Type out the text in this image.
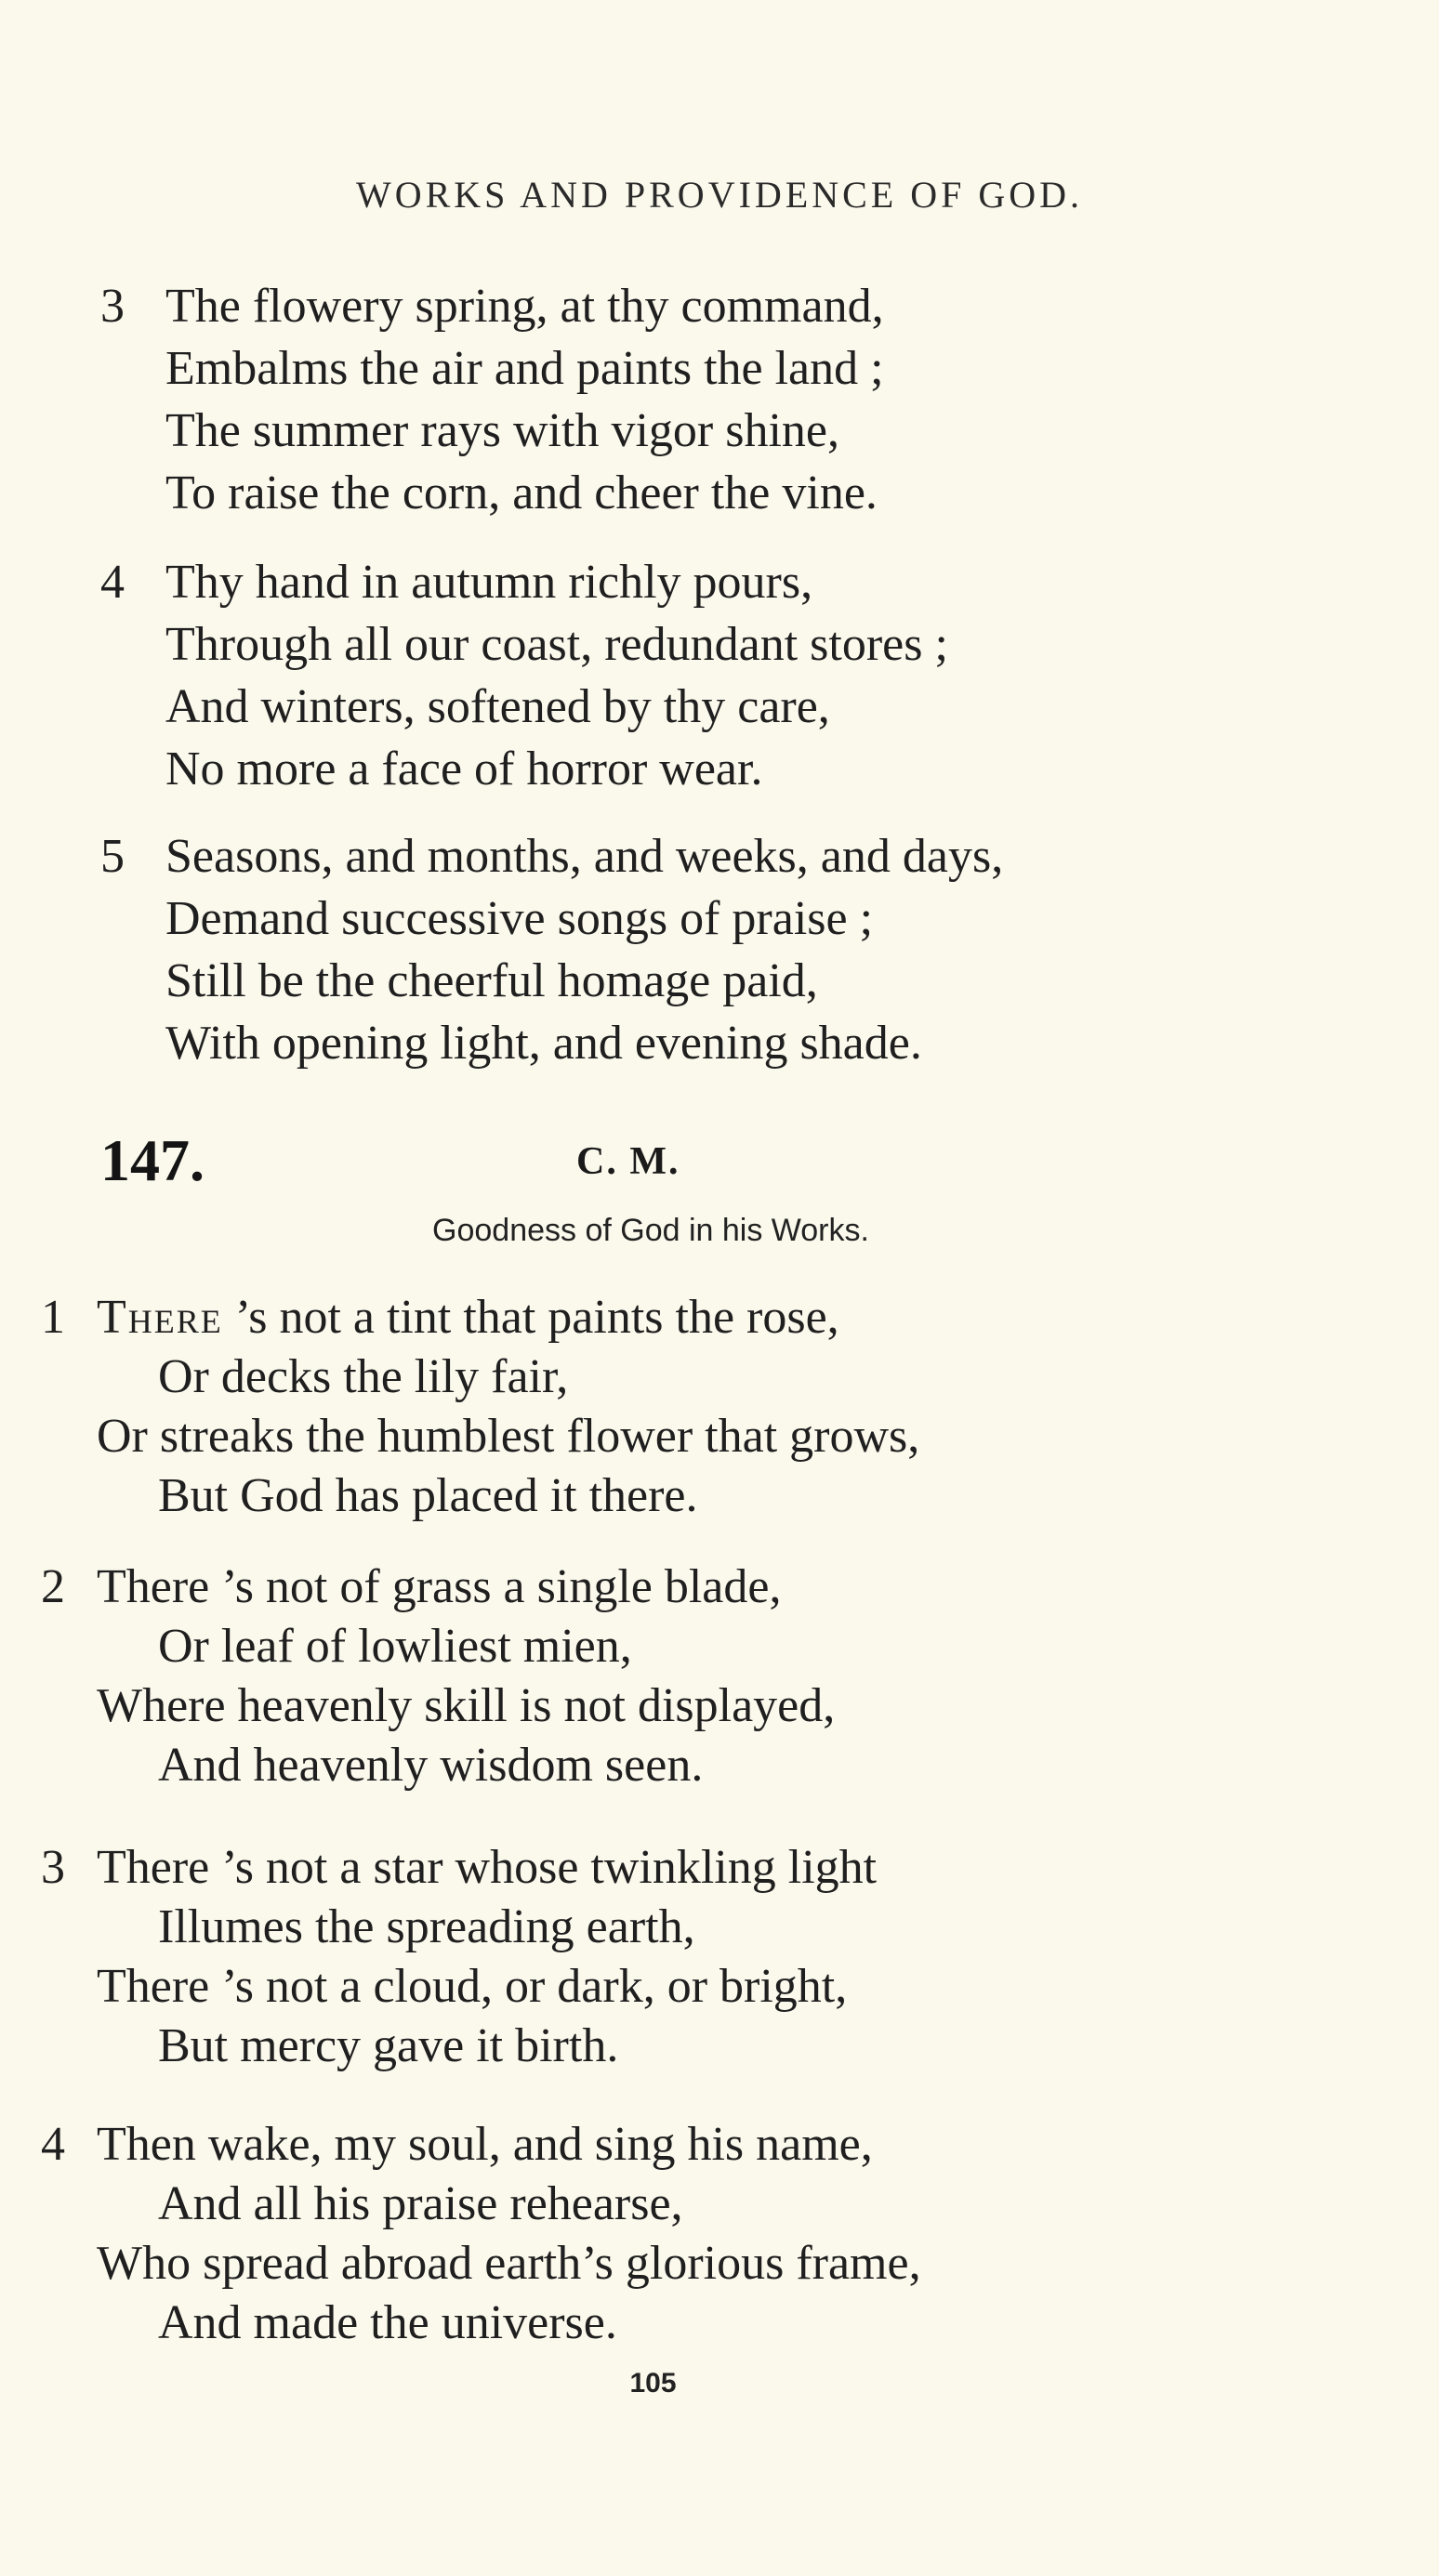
WORKS AND PROVIDENCE OF GOD.
3 The flowery spring, at thy command,
Embalms the air and paints the land ;
The summer rays with vigor shine,
To raise the corn, and cheer the vine.
4 Thy hand in autumn richly pours,
Through all our coast, redundant stores ;
And winters, softened by thy care,
No more a face of horror wear.
5 Seasons, and months, and weeks, and days,
Demand successive songs of praise ;
Still be the cheerful homage paid,
With opening light, and evening shade.
147.	C. M.
Goodness of God in his Works.
1 There ’s not a tint that paints the rose,
Or decks the lily fair,
Or streaks the humblest flower that grows,
But God has placed it there.
2 There ’s not of grass a single blade,
Or leaf of lowliest mien,
Where heavenly skill is not displayed,
And heavenly wisdom seen.
3 There ’s not a star whose twinkling light
Illumes the spreading earth,
There ’s not a cloud, or dark, or bright,
But mercy gave it birth.
4 Then wake, my soul, and sing his name,
And all his praise rehearse,
Who spread abroad earth’s glorious frame,
And made the universe.
105
